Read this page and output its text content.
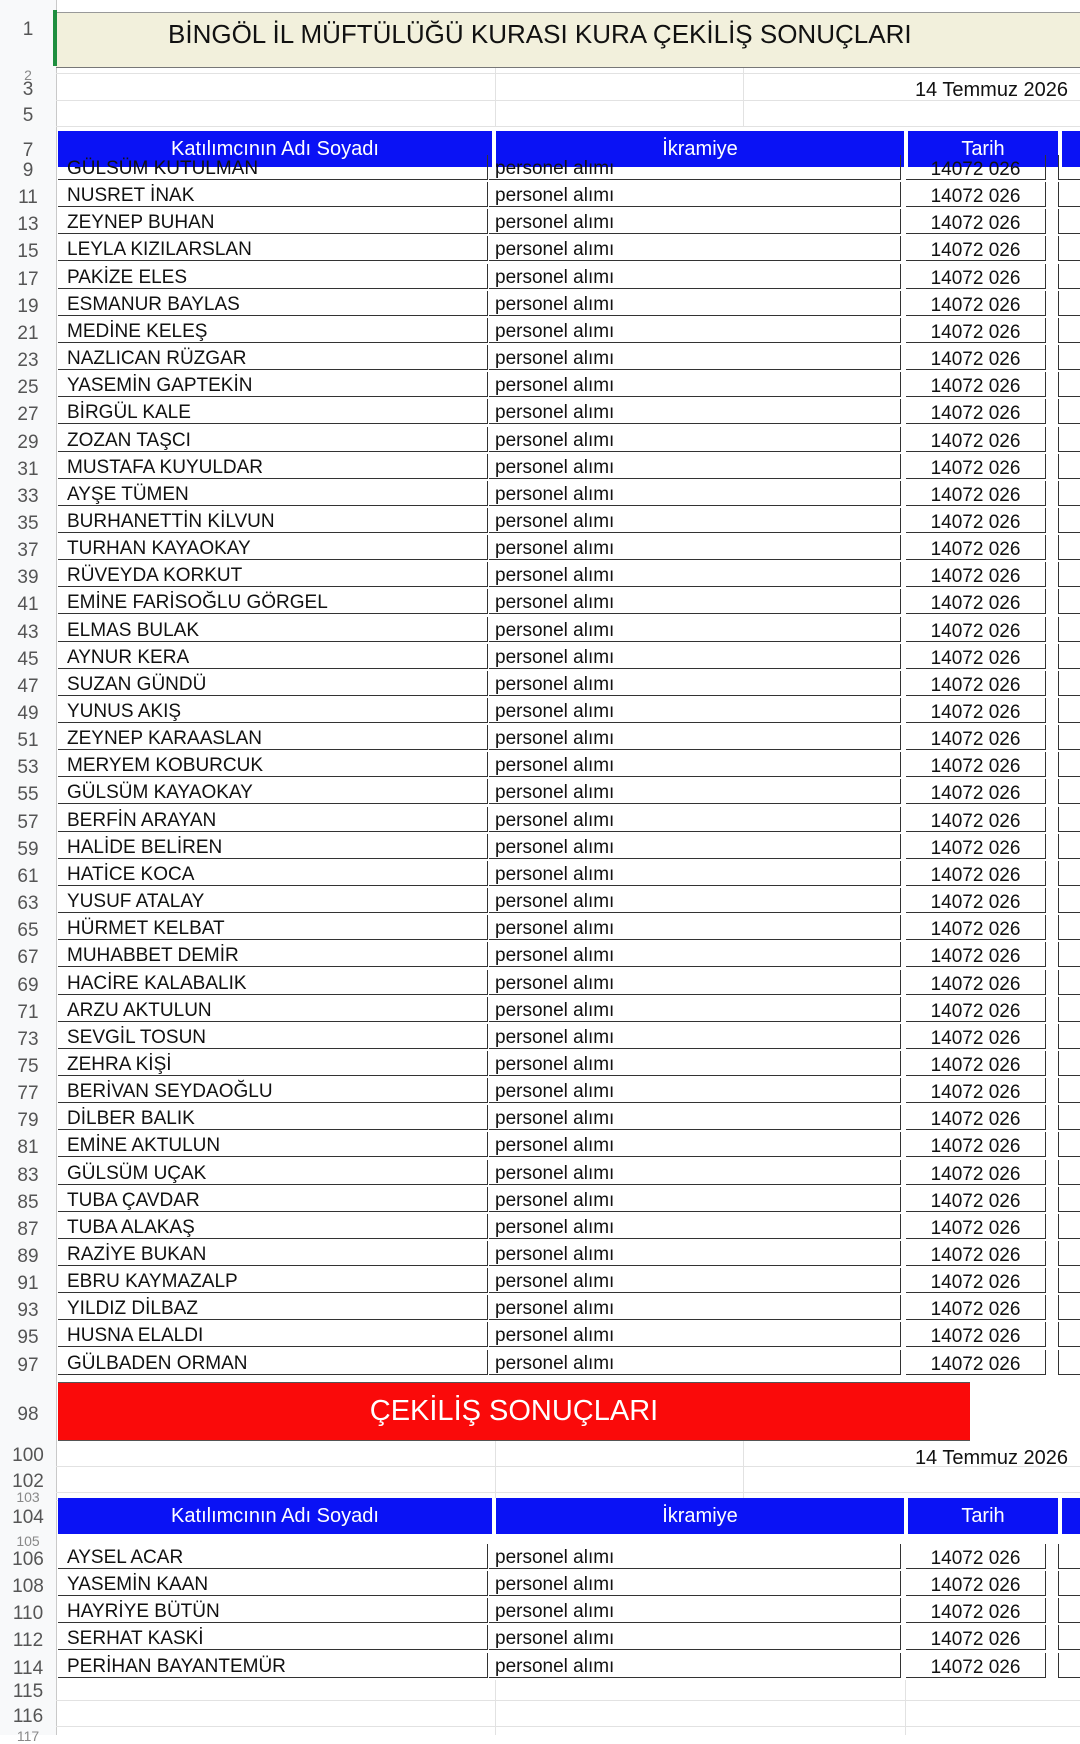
1
2
3
5
7
98
100
102
103
104
105
115
116
117
BİNGÖL İL MÜFTÜLÜĞÜ KURASI KURA ÇEKİLİŞ SONUÇLARI
14 Temmuz 2026
Katılımcının Adı Soyadı	İkramiye	Tarih
GÜLSÜM KUTULMAN	personel alımı	14072 026
NUSRET İNAK	personel alımı	14072 026
ZEYNEP BUHAN	personel alımı	14072 026
LEYLA KIZILARSLAN	personel alımı	14072 026
PAKİZE ELES	personel alımı	14072 026
ESMANUR BAYLAS	personel alımı	14072 026
MEDİNE KELEŞ	personel alımı	14072 026
NAZLICAN RÜZGAR	personel alımı	14072 026
YASEMİN GAPTEKİN	personel alımı	14072 026
BİRGÜL KALE	personel alımı	14072 026
ZOZAN TAŞCI	personel alımı	14072 026
MUSTAFA KUYULDAR	personel alımı	14072 026
AYŞE TÜMEN	personel alımı	14072 026
BURHANETTİN KİLVUN	personel alımı	14072 026
TURHAN KAYAOKAY	personel alımı	14072 026
RÜVEYDA KORKUT	personel alımı	14072 026
EMİNE FARİSOĞLU GÖRGEL	personel alımı	14072 026
ELMAS BULAK	personel alımı	14072 026
AYNUR KERA	personel alımı	14072 026
SUZAN GÜNDÜ	personel alımı	14072 026
YUNUS AKIŞ	personel alımı	14072 026
ZEYNEP KARAASLAN	personel alımı	14072 026
MERYEM KOBURCUK	personel alımı	14072 026
GÜLSÜM KAYAOKAY	personel alımı	14072 026
BERFİN ARAYAN	personel alımı	14072 026
HALİDE BELİREN	personel alımı	14072 026
HATİCE KOCA	personel alımı	14072 026
YUSUF ATALAY	personel alımı	14072 026
HÜRMET KELBAT	personel alımı	14072 026
MUHABBET DEMİR	personel alımı	14072 026
HACİRE KALABALIK	personel alımı	14072 026
ARZU AKTULUN	personel alımı	14072 026
SEVGİL TOSUN	personel alımı	14072 026
ZEHRA KİŞİ	personel alımı	14072 026
BERİVAN SEYDAOĞLU	personel alımı	14072 026
DİLBER BALIK	personel alımı	14072 026
EMİNE AKTULUN	personel alımı	14072 026
GÜLSÜM UÇAK	personel alımı	14072 026
TUBA ÇAVDAR	personel alımı	14072 026
TUBA ALAKAŞ	personel alımı	14072 026
RAZİYE BUKAN	personel alımı	14072 026
EBRU KAYMAZALP	personel alımı	14072 026
YILDIZ DİLBAZ	personel alımı	14072 026
HUSNA ELALDI	personel alımı	14072 026
GÜLBADEN ORMAN	personel alımı	14072 026
ÇEKİLİŞ SONUÇLARI
14 Temmuz 2026
Katılımcının Adı Soyadı	İkramiye	Tarih
AYSEL ACAR	personel alımı	14072 026
YASEMİN KAAN	personel alımı	14072 026
HAYRİYE BÜTÜN	personel alımı	14072 026
SERHAT KASKİ	personel alımı	14072 026
PERİHAN BAYANTEMÜR	personel alımı	14072 026
9
11
13
15
17
19
21
23
25
27
29
31
33
35
37
39
41
43
45
47
49
51
53
55
57
59
61
63
65
67
69
71
73
75
77
79
81
83
85
87
89
91
93
95
97
106
108
110
112
114
